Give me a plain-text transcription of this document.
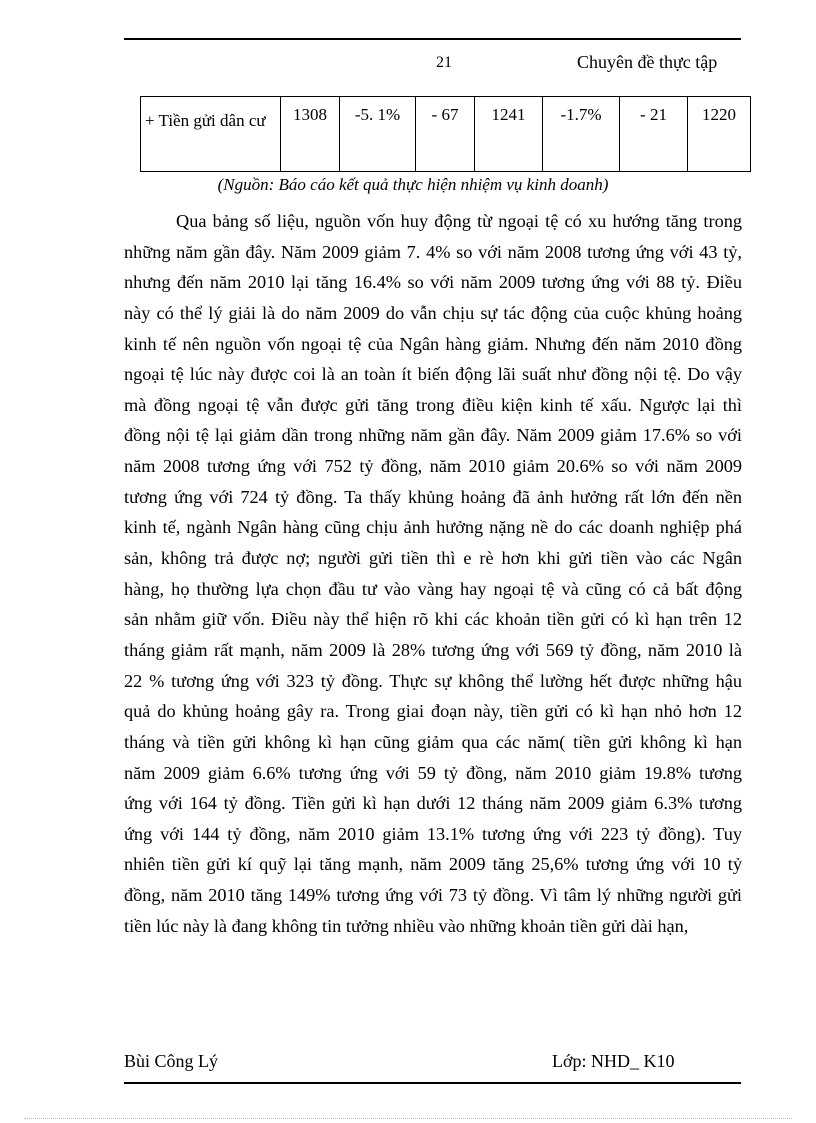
21	Chuyên đề thực tập
+ Tiền gửi dân cư	1308	-5. 1%	- 67	1241	-1.7%	- 21	1220
(Nguồn: Báo cáo kết quả thực hiện nhiệm vụ kinh doanh)
Qua bảng số liệu, nguồn vốn huy động từ ngoại tệ có xu hướng tăng trong
những năm gần đây. Năm 2009 giảm 7. 4% so với năm 2008 tương ứng với 43 tỷ,
nhưng đến năm 2010 lại tăng 16.4% so với năm 2009 tương ứng với 88 tỷ. Điều
này có thể lý giải là do năm 2009 do vẫn chịu sự tác động của cuộc khủng hoảng
kinh tế nên nguồn vốn ngoại tệ của Ngân hàng giảm. Nhưng đến năm 2010 đồng
ngoại tệ lúc này được coi là an toàn ít biến động lãi suất như đồng nội tệ. Do vậy
mà đồng ngoại tệ vẫn được gửi tăng trong điều kiện kinh tế xấu. Ngược lại thì
đồng nội tệ lại giảm dần trong những năm gần đây. Năm 2009 giảm 17.6% so với
năm 2008 tương ứng với 752 tỷ đồng, năm 2010 giảm 20.6% so với năm 2009
tương ứng với 724 tỷ đồng. Ta thấy khủng hoảng đã ảnh hưởng rất lớn đến nền
kinh tế, ngành Ngân hàng cũng chịu ảnh hưởng nặng nề do các doanh nghiệp phá
sản, không trả được nợ; người gửi tiền thì e rè hơn khi gửi tiền vào các Ngân
hàng, họ thường lựa chọn đầu tư vào vàng hay ngoại tệ và cũng có cả bất động
sản nhằm giữ vốn. Điều này thể hiện rõ khi các khoản tiền gửi có kì hạn trên 12
tháng giảm rất mạnh, năm 2009 là 28% tương ứng với 569 tỷ đồng, năm 2010 là
22 % tương ứng với 323 tỷ đồng. Thực sự không thể lường hết được những hậu
quả do khủng hoảng gây ra. Trong giai đoạn này, tiền gửi có kì hạn nhỏ hơn 12
tháng và tiền gửi không kì hạn cũng giảm qua các năm( tiền gửi không kì hạn
năm 2009 giảm 6.6% tương ứng với 59 tỷ đồng, năm 2010 giảm 19.8% tương
ứng với 164 tỷ đồng. Tiền gửi kì hạn dưới 12 tháng năm 2009 giảm 6.3% tương
ứng với 144 tỷ đồng, năm 2010 giảm 13.1% tương ứng với 223 tỷ đồng). Tuy
nhiên tiền gửi kí quỹ lại tăng mạnh, năm 2009 tăng 25,6% tương ứng với 10 tỷ
đồng, năm 2010 tăng 149% tương ứng với 73 tỷ đồng. Vì tâm lý những người gửi
tiền lúc này là đang không tin tưởng nhiều vào những khoản tiền gửi dài hạn,
Bùi Công Lý	Lớp: NHD_ K10
